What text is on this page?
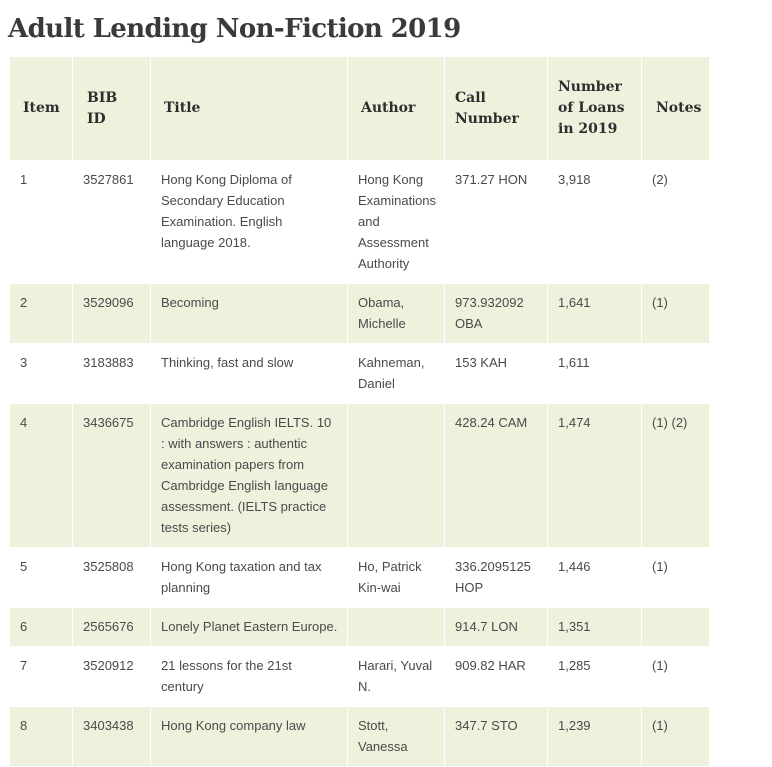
Adult Lending Non-Fiction 2019
Item	BIB ID	Title	Author	Call Number	Number of Loans in 2019	Notes
1	3527861	Hong Kong Diploma of Secondary Education Examination. English language 2018.	Hong Kong Examinations and Assessment Authority	371.27 HON	3,918	(2)
2	3529096	Becoming	Obama, Michelle	973.932092 OBA	1,641	(1)
3	3183883	Thinking, fast and slow	Kahneman, Daniel	153 KAH	1,611	
4	3436675	Cambridge English IELTS. 10 : with answers : authentic examination papers from Cambridge English language assessment. (IELTS practice tests series)		428.24 CAM	1,474	(1) (2)
5	3525808	Hong Kong taxation and tax planning	Ho, Patrick Kin-wai	336.2095125 HOP	1,446	(1)
6	2565676	Lonely Planet Eastern Europe.		914.7 LON	1,351	
7	3520912	21 lessons for the 21st century	Harari, Yuval N.	909.82 HAR	1,285	(1)
8	3403438	Hong Kong company law	Stott, Vanessa	347.7 STO	1,239	(1)
